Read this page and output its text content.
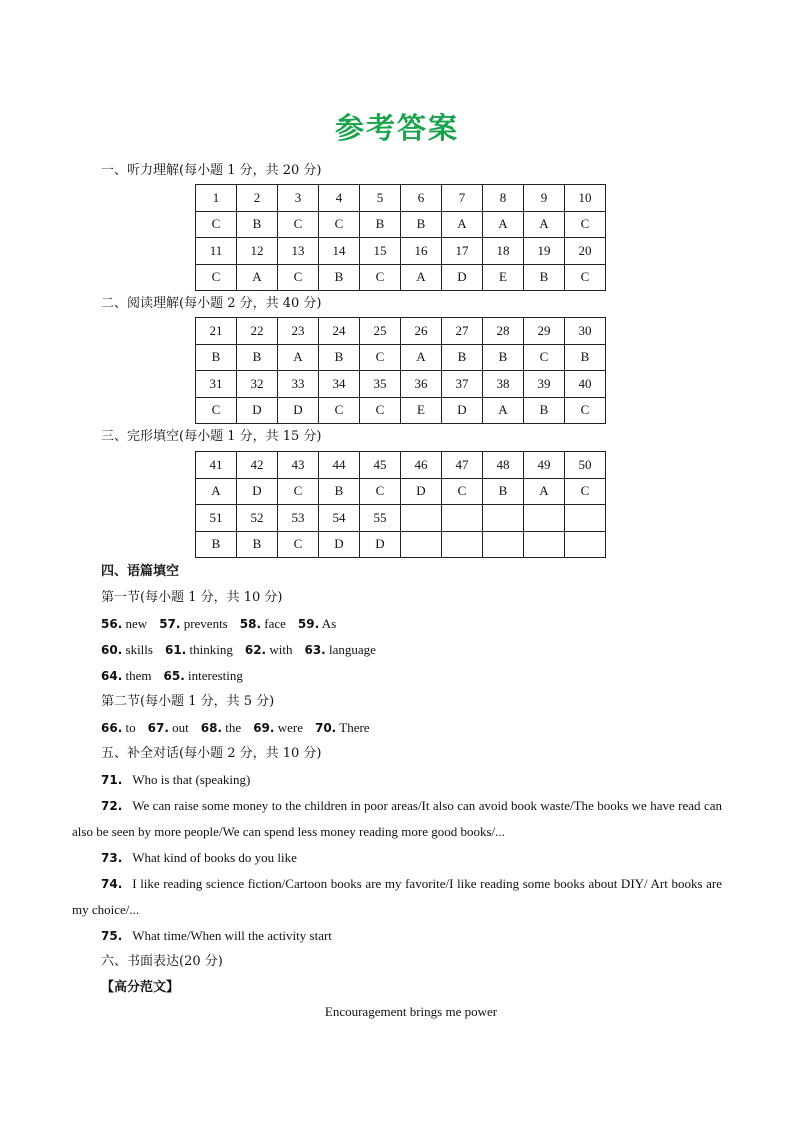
参考答案
一、听力理解(每小题 1 分，共 20 分)
1	2	3	4	5	6	7	8	9	10
C	B	C	C	B	B	A	A	A	C
11	12	13	14	15	16	17	18	19	20
C	A	C	B	C	A	D	E	B	C
二、阅读理解(每小题 2 分，共 40 分)
21	22	23	24	25	26	27	28	29	30
B	B	A	B	C	A	B	B	C	B
31	32	33	34	35	36	37	38	39	40
C	D	D	C	C	E	D	A	B	C
三、完形填空(每小题 1 分，共 15 分)
41	42	43	44	45	46	47	48	49	50
A	D	C	B	C	D	C	B	A	C
51	52	53	54	55					
B	B	C	D	D					
四、语篇填空
第一节(每小题 1 分，共 10 分)
56. new 57. prevents 58. face 59. As
60. skills 61. thinking 62. with 63. language
64. them 65. interesting
第二节(每小题 1 分，共 5 分)
66. to 67. out 68. the 69. were 70. There
五、补全对话(每小题 2 分，共 10 分)
71. Who is that (speaking)
72. We can raise some money to the children in poor areas/It also can avoid book waste/The books we have read can also be seen by more people/We can spend less money reading more good books/...
73. What kind of books do you like
74. I like reading science fiction/Cartoon books are my favorite/I like reading some books about DIY/ Art books are my choice/...
75. What time/When will the activity start
六、书面表达(20 分)
【高分范文】
Encouragement brings me power
